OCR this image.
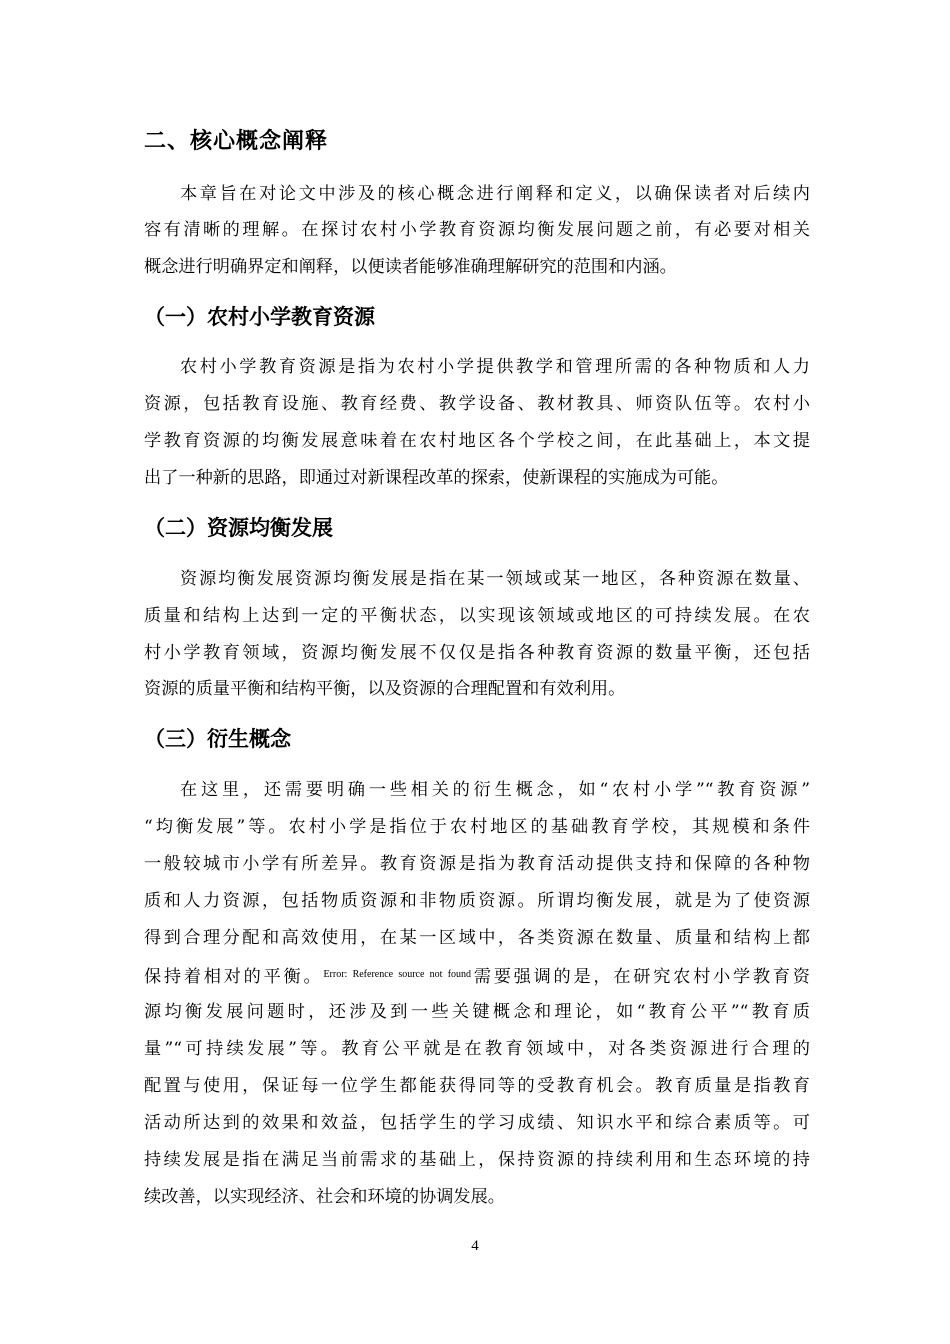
二、核心概念阐释
本章旨在对论文中涉及的核心概念进行阐释和定义，以确保读者对后续内
容有清晰的理解。在探讨农村小学教育资源均衡发展问题之前，有必要对相关
概念进行明确界定和阐释，以便读者能够准确理解研究的范围和内涵。
（一）农村小学教育资源
农村小学教育资源是指为农村小学提供教学和管理所需的各种物质和人力
资源，包括教育设施、教育经费、教学设备、教材教具、师资队伍等。农村小
学教育资源的均衡发展意味着在农村地区各个学校之间，在此基础上，本文提
出了一种新的思路，即通过对新课程改革的探索，使新课程的实施成为可能。
（二）资源均衡发展
资源均衡发展资源均衡发展是指在某一领域或某一地区，各种资源在数量、
质量和结构上达到一定的平衡状态，以实现该领域或地区的可持续发展。在农
村小学教育领域，资源均衡发展不仅仅是指各种教育资源的数量平衡，还包括
资源的质量平衡和结构平衡，以及资源的合理配置和有效利用。
（三）衍生概念
在这里，还需要明确一些相关的衍生概念，如“农村小学”“教育资源”
“均衡发展”等。农村小学是指位于农村地区的基础教育学校，其规模和条件
一般较城市小学有所差异。教育资源是指为教育活动提供支持和保障的各种物
质和人力资源，包括物质资源和非物质资源。所谓均衡发展，就是为了使资源
得到合理分配和高效使用，在某一区域中，各类资源在数量、质量和结构上都
保持着相对的平衡。$^{Error: Reference source not found}$需要强调的是，在研究农村小学教育资
源均衡发展问题时，还涉及到一些关键概念和理论，如“教育公平”“教育质
量”“可持续发展”等。教育公平就是在教育领域中，对各类资源进行合理的
配置与使用，保证每一位学生都能获得同等的受教育机会。教育质量是指教育
活动所达到的效果和效益，包括学生的学习成绩、知识水平和综合素质等。可
持续发展是指在满足当前需求的基础上，保持资源的持续利用和生态环境的持
续改善，以实现经济、社会和环境的协调发展。
4
